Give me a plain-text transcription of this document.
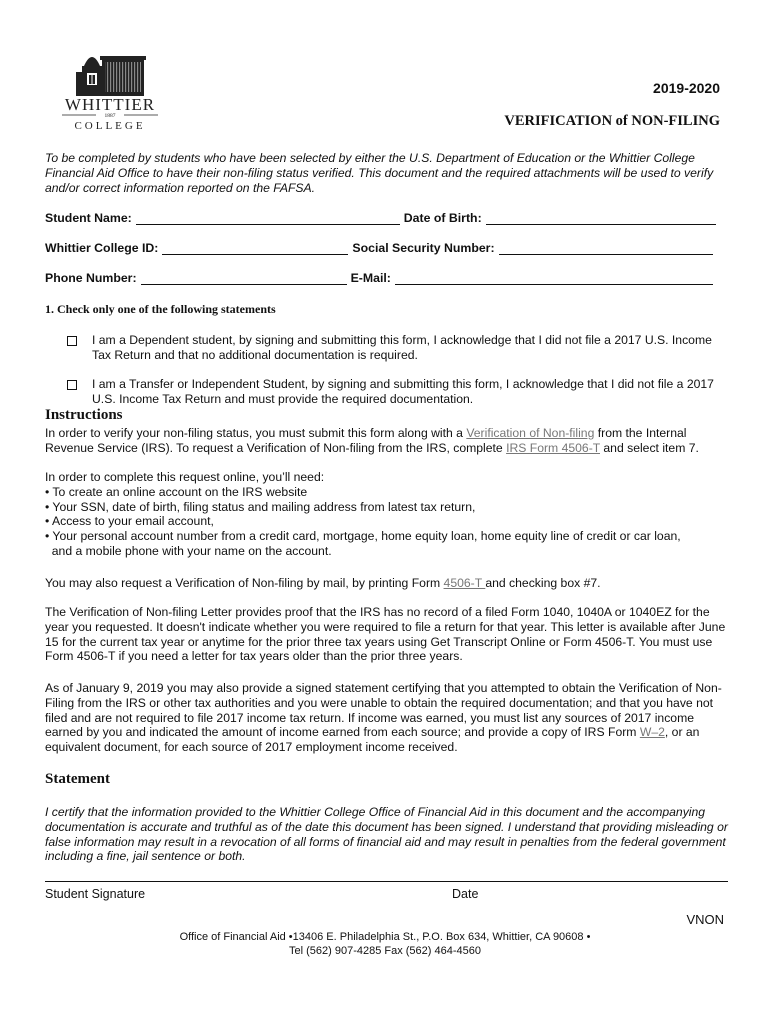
WHITTIER
1887
COLLEGE
2019-2020
VERIFICATION of NON-FILING
To be completed by students who have been selected by either the U.S. Department of Education or the Whittier College Financial Aid Office to have their non-filing status verified. This document and the required attachments will be used to verify and/or correct information reported on the FAFSA.
Student Name:	Date of Birth:
Whittier College ID:	Social Security Number:
Phone Number:	E-Mail:
1. Check only one of the following statements
I am a Dependent student, by signing and submitting this form, I acknowledge that I did not file a 2017 U.S. Income Tax Return and that no additional documentation is required.
I am a Transfer or Independent Student, by signing and submitting this form, I acknowledge that I did not file a 2017 U.S. Income Tax Return and must provide the required documentation.
Instructions
In order to verify your non-filing status, you must submit this form along with a Verification of Non-filing from the Internal Revenue Service (IRS). To request a Verification of Non-filing from the IRS, complete IRS Form 4506-T and select item 7.
In order to complete this request online, you’ll need:
• To create an online account on the IRS website
• Your SSN, date of birth, filing status and mailing address from latest tax return,
• Access to your email account,
• Your personal account number from a credit card, mortgage, home equity loan, home equity line of credit or car loan,
and a mobile phone with your name on the account.
You may also request a Verification of Non-filing by mail, by printing Form 4506-T and checking box #7.
The Verification of Non-filing Letter provides proof that the IRS has no record of a filed Form 1040, 1040A or 1040EZ for the year you requested. It doesn't indicate whether you were required to file a return for that year. This letter is available after June 15 for the current tax year or anytime for the prior three tax years using Get Transcript Online or Form 4506-T. You must use Form 4506-T if you need a letter for tax years older than the prior three years.
As of January 9, 2019 you may also provide a signed statement certifying that you attempted to obtain the Verification of Non-Filing from the IRS or other tax authorities and you were unable to obtain the required documentation; and that you have not filed and are not required to file 2017 income tax return. If income was earned, you must list any sources of 2017 income earned by you and indicated the amount of income earned from each source; and provide a copy of IRS Form W–2, or an equivalent document, for each source of 2017 employment income received.
Statement
I certify that the information provided to the Whittier College Office of Financial Aid in this document and the accompanying documentation is accurate and truthful as of the date this document has been signed. I understand that providing misleading or false information may result in a revocation of all forms of financial aid and may result in penalties from the federal government including a fine, jail sentence or both.
Student Signature	Date
VNON
Office of Financial Aid •13406 E. Philadelphia St., P.O. Box 634, Whittier, CA 90608 •
Tel (562) 907-4285 Fax (562) 464-4560
